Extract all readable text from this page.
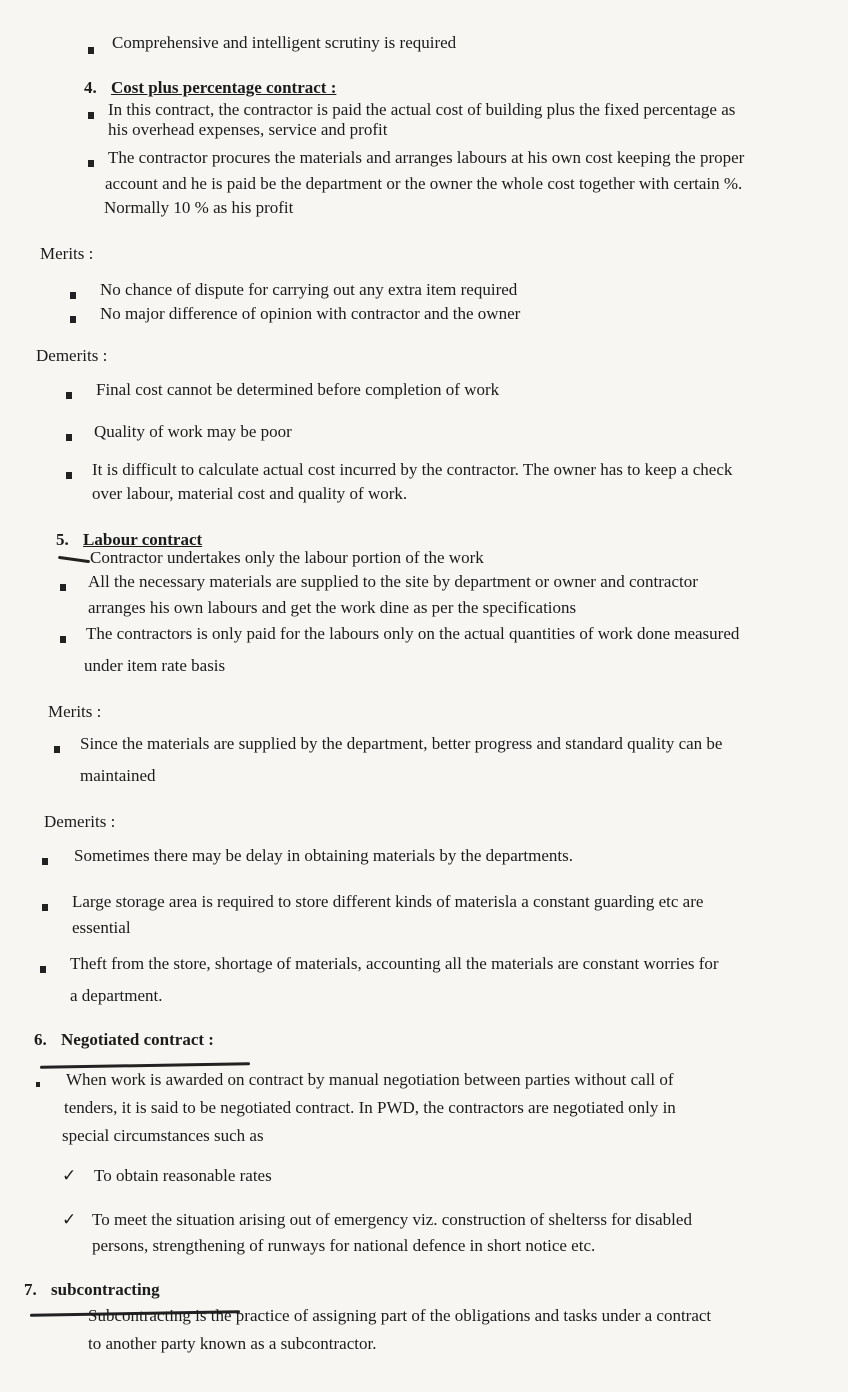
Comprehensive and intelligent scrutiny is required
4. Cost plus percentage contract :
In this contract, the contractor is paid the actual cost of building plus the fixed percentage as
his overhead expenses, service and profit
The contractor procures the materials and arranges labours at his own cost keeping the proper
account and he is paid be the department or the owner the whole cost together with certain %.
Normally 10 % as his profit
Merits :
No chance of dispute for carrying out any extra item required
No major difference of opinion with contractor and the owner
Demerits :
Final cost cannot be determined before completion of work
Quality of work may be poor
It is difficult to calculate actual cost incurred by the contractor. The owner has to keep a check
over labour, material cost and quality of work.
5. Labour contract
Contractor undertakes only the labour portion of the work
All the necessary materials are supplied to the site by department or owner and contractor
arranges his own labours and get the work dine as per the specifications
The contractors is only paid for the labours only on the actual quantities of work done measured
under item rate basis
Merits :
Since the materials are supplied by the department, better progress and standard quality can be
maintained
Demerits :
Sometimes there may be delay in obtaining materials by the departments.
Large storage area is required to store different kinds of materisla a constant guarding etc are
essential
Theft from the store, shortage of materials, accounting all the materials are constant worries for
a department.
6. Negotiated contract :
When work is awarded on contract by manual negotiation between parties without call of
tenders, it is said to be negotiated contract. In PWD, the contractors are negotiated only in
special circumstances such as
✓ To obtain reasonable rates
✓ To meet the situation arising out of emergency viz. construction of shelterss for disabled
persons, strengthening of runways for national defence in short notice etc.
7. subcontracting
Subcontracting is the practice of assigning part of the obligations and tasks under a contract
to another party known as a subcontractor.
